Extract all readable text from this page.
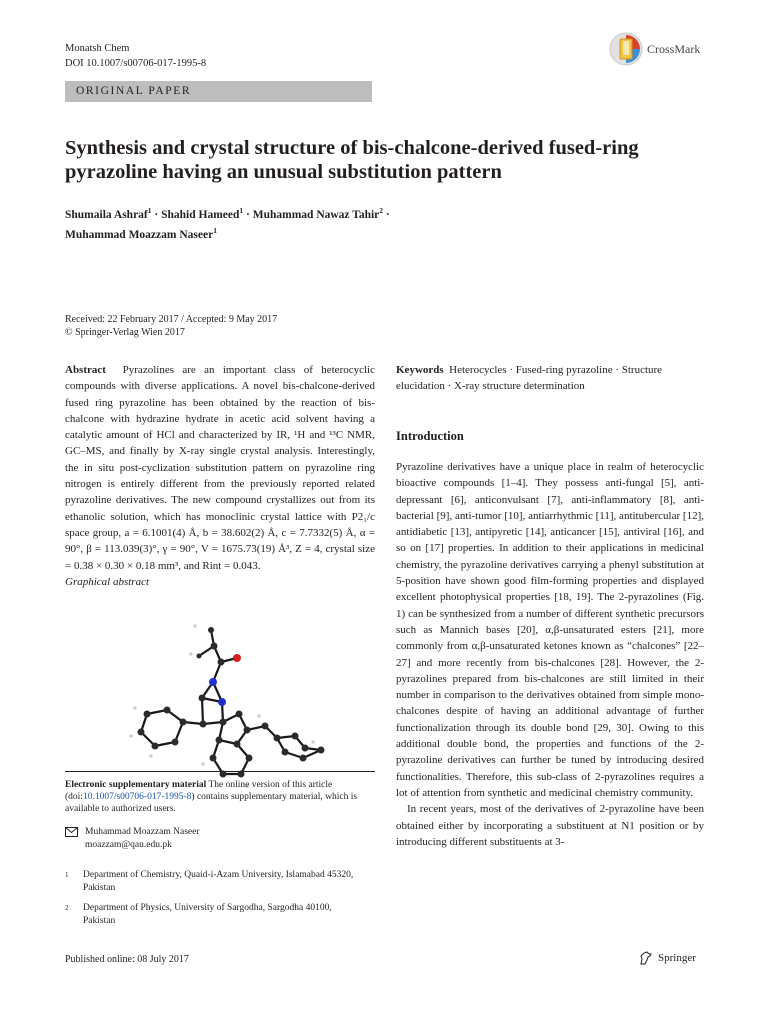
Monatsh Chem
DOI 10.1007/s00706-017-1995-8
CrossMark
ORIGINAL PAPER
Synthesis and crystal structure of bis-chalcone-derived fused-ring
pyrazoline having an unusual substitution pattern
Shumaila Ashraf$^1$ · Shahid Hameed$^1$ · Muhammad Nawaz Tahir$^2$ ·
Muhammad Moazzam Naseer$^1$
Received: 22 February 2017 / Accepted: 9 May 2017
© Springer-Verlag Wien 2017

Abstract Pyrazolines are an important class of heterocyclic compounds with diverse applications. A novel bis-chalcone-derived fused ring pyrazoline has been obtained by the reaction of bis-chalcone with hydrazine hydrate in acetic acid solvent having a catalytic amount of HCl and characterized by IR, ¹H and ¹³C NMR, GC–MS, and finally by X-ray single crystal analysis. Interestingly, the in situ post-cyclization substitution pattern on pyrazoline ring nitrogen is entirely different from the previously reported related pyrazoline derivatives. The new compound crystallizes out from its ethanolic solution, which has monoclinic crystal lattice with P2₁/c space group, a = 6.1001(4) Å, b = 38.602(2) Å, c = 7.7332(5) Å, α = 90°, β = 113.039(3)°, γ = 90°, V = 1675.73(19) Å³, Z = 4, crystal size = 0.38 × 0.30 × 0.18 mm³, and Rint = 0.043.

Graphical abstract

Electronic supplementary material The online version of this article (doi:10.1007/s00706-017-1995-8) contains supplementary material, which is available to authorized users.
Muhammad Moazzam Naseer
moazzam@qau.edu.pk
1	Department of Chemistry, Quaid-i-Azam University, Islamabad 45320, Pakistan
2	Department of Physics, University of Sargodha, Sargodha 40100, Pakistan

Keywords Heterocycles · Fused-ring pyrazoline · Structure elucidation · X-ray structure determination

Introduction

Pyrazoline derivatives have a unique place in realm of heterocyclic bioactive compounds [1–4]. They possess anti-fungal [5], anti-depressant [6], anticonvulsant [7], anti-inflammatory [8], anti-bacterial [9], anti-tumor [10], antiarrhythmic [11], antitubercular [12], antidiabetic [13], antipyretic [14], anticancer [15], antiviral [16], and so on [17] properties. In addition to their applications in medicinal chemistry, the pyrazoline derivatives carrying a phenyl substitution at 5-position have shown good film-forming properties and displayed excellent photophysical properties [18, 19]. The 2-pyrazolines (Fig. 1) can be synthesized from a number of different synthetic precursors such as Mannich bases [20], α,β-unsaturated esters [21], more commonly from α,β-unsaturated ketones known as “chalcones” [22–27] and more recently from bis-chalcones [28]. However, the 2-pyrazolines prepared from bis-chalcones are still limited in their number in comparison to the derivatives obtained from simple mono-chalcones despite of having an additional advantage of further functionalization through its double bond [29, 30]. Owing to this additional double bond, the properties and functions of the 2-pyrazoline derivatives can further be tuned by introducing desired functionalities. Therefore, this sub-class of 2-pyrazolines requires a lot of attention from synthetic and medicinal chemistry community.

In recent years, most of the derivatives of 2-pyrazoline have been obtained either by incorporating a substituent at N1 position or by introducing different substituents at 3-

Published online: 08 July 2017	Springer
